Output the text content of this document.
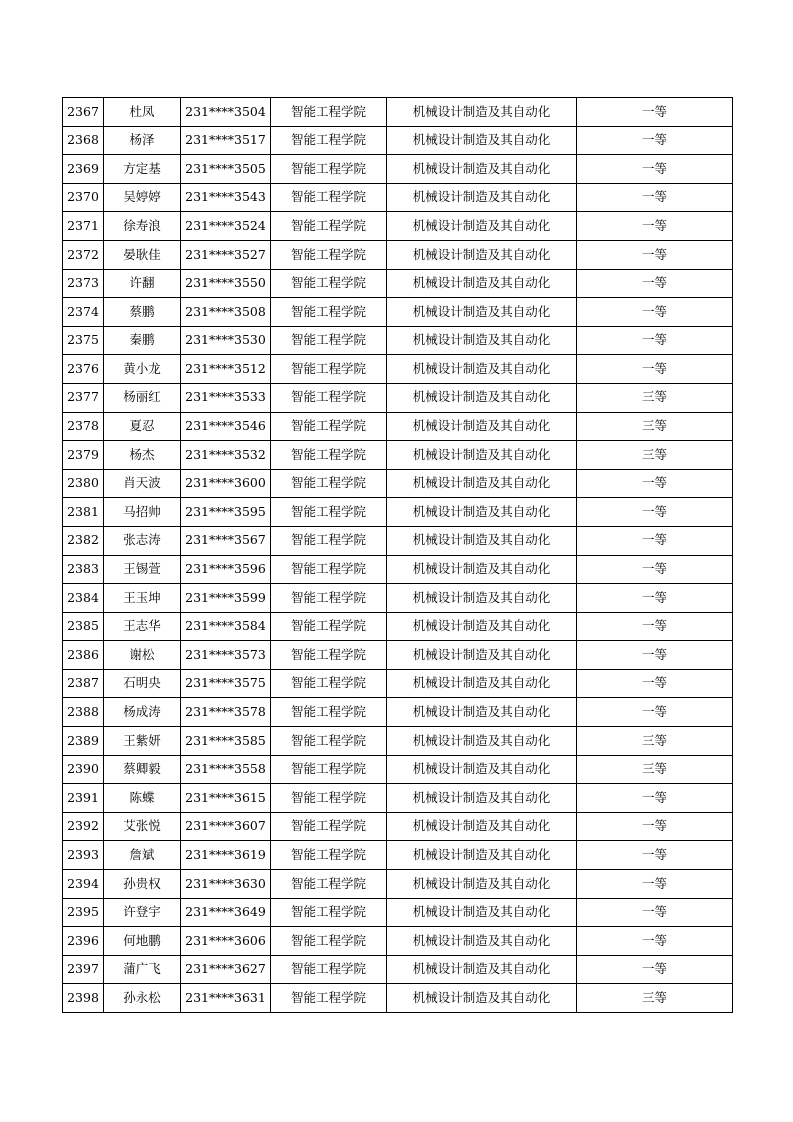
2367	杜凤	231****3504	智能工程学院	机械设计制造及其自动化	一等
2368	杨泽	231****3517	智能工程学院	机械设计制造及其自动化	一等
2369	方定基	231****3505	智能工程学院	机械设计制造及其自动化	一等
2370	吴婷婷	231****3543	智能工程学院	机械设计制造及其自动化	一等
2371	徐寿浪	231****3524	智能工程学院	机械设计制造及其自动化	一等
2372	晏耿佳	231****3527	智能工程学院	机械设计制造及其自动化	一等
2373	许翻	231****3550	智能工程学院	机械设计制造及其自动化	一等
2374	蔡鹏	231****3508	智能工程学院	机械设计制造及其自动化	一等
2375	秦鹏	231****3530	智能工程学院	机械设计制造及其自动化	一等
2376	黄小龙	231****3512	智能工程学院	机械设计制造及其自动化	一等
2377	杨丽红	231****3533	智能工程学院	机械设计制造及其自动化	三等
2378	夏忍	231****3546	智能工程学院	机械设计制造及其自动化	三等
2379	杨杰	231****3532	智能工程学院	机械设计制造及其自动化	三等
2380	肖天波	231****3600	智能工程学院	机械设计制造及其自动化	一等
2381	马招帅	231****3595	智能工程学院	机械设计制造及其自动化	一等
2382	张志涛	231****3567	智能工程学院	机械设计制造及其自动化	一等
2383	王锡萱	231****3596	智能工程学院	机械设计制造及其自动化	一等
2384	王玉坤	231****3599	智能工程学院	机械设计制造及其自动化	一等
2385	王志华	231****3584	智能工程学院	机械设计制造及其自动化	一等
2386	谢松	231****3573	智能工程学院	机械设计制造及其自动化	一等
2387	石明央	231****3575	智能工程学院	机械设计制造及其自动化	一等
2388	杨成涛	231****3578	智能工程学院	机械设计制造及其自动化	一等
2389	王紫妍	231****3585	智能工程学院	机械设计制造及其自动化	三等
2390	蔡卿毅	231****3558	智能工程学院	机械设计制造及其自动化	三等
2391	陈蝶	231****3615	智能工程学院	机械设计制造及其自动化	一等
2392	艾张悦	231****3607	智能工程学院	机械设计制造及其自动化	一等
2393	詹斌	231****3619	智能工程学院	机械设计制造及其自动化	一等
2394	孙贵权	231****3630	智能工程学院	机械设计制造及其自动化	一等
2395	许登宇	231****3649	智能工程学院	机械设计制造及其自动化	一等
2396	何地鹏	231****3606	智能工程学院	机械设计制造及其自动化	一等
2397	蒲广飞	231****3627	智能工程学院	机械设计制造及其自动化	一等
2398	孙永松	231****3631	智能工程学院	机械设计制造及其自动化	三等
